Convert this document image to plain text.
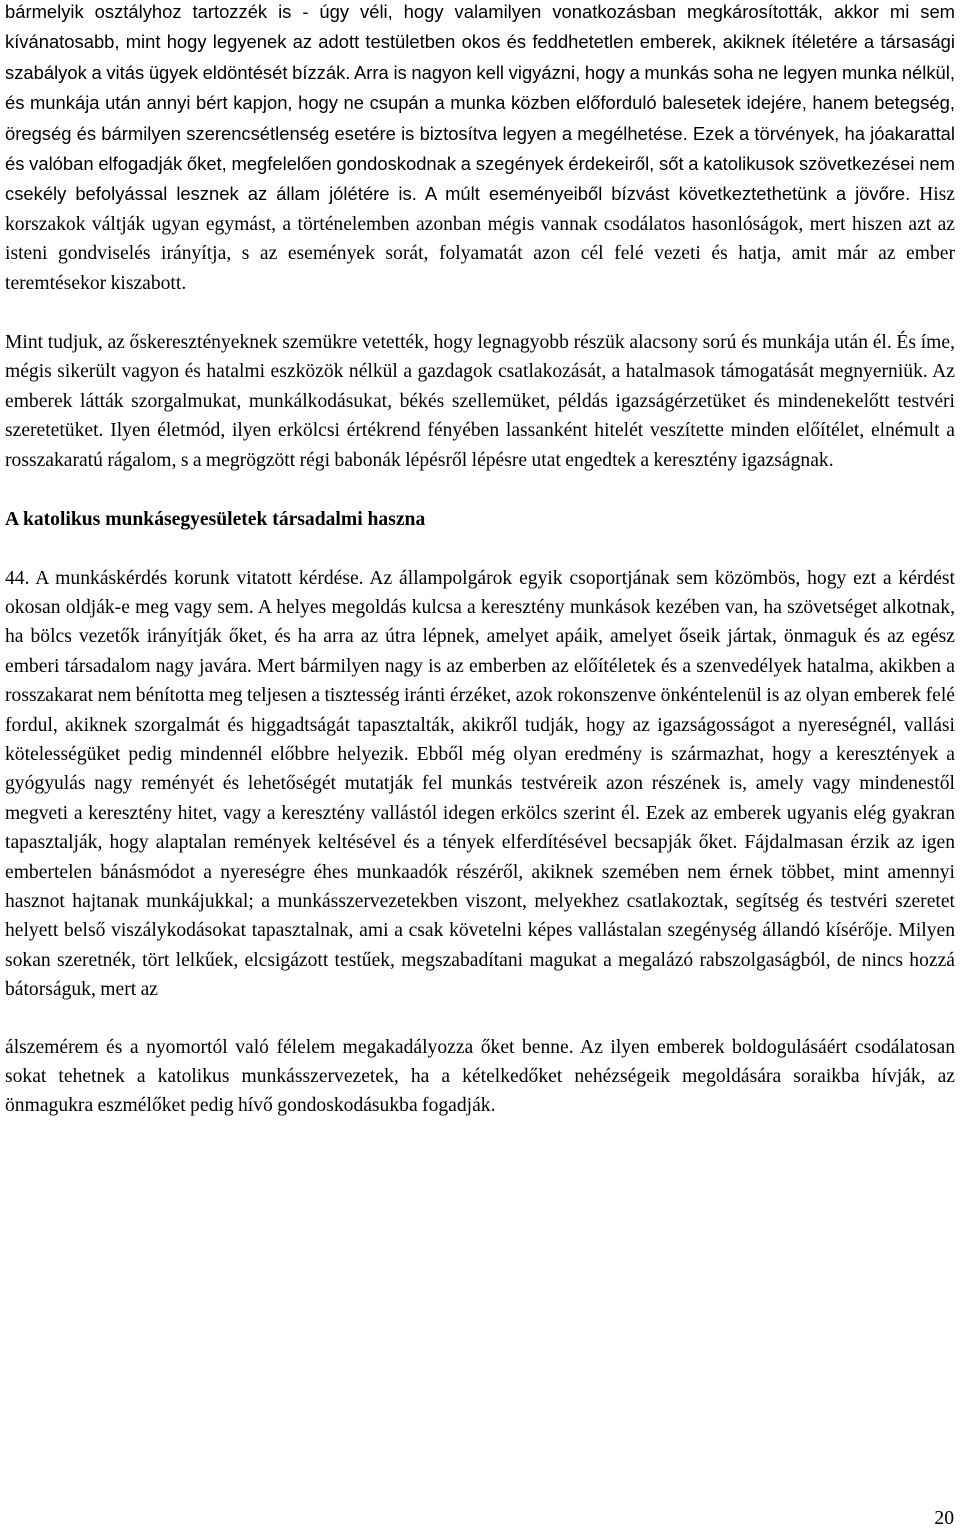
bármelyik osztályhoz tartozzék is - úgy véli, hogy valamilyen vonatkozásban megkárosították, akkor mi sem kívánatosabb, mint hogy legyenek az adott testületben okos és feddhetetlen emberek, akiknek ítéletére a társasági szabályok a vitás ügyek eldöntését bízzák. Arra is nagyon kell vigyázni, hogy a munkás soha ne legyen munka nélkül, és munkája után annyi bért kapjon, hogy ne csupán a munka közben előforduló balesetek idejére, hanem betegség, öregség és bármilyen szerencsétlenség esetére is biztosítva legyen a megélhetése. Ezek a törvények, ha jóakarattal és valóban elfogadják őket, megfelelően gondoskodnak a szegények érdekeiről, sőt a katolikusok szövetkezései nem csekély befolyással lesznek az állam jólétére is. A múlt eseményeiből bízvást következtethetünk a jövőre. Hisz korszakok váltják ugyan egymást, a történelemben azonban mégis vannak csodálatos hasonlóságok, mert hiszen azt az isteni gondviselés irányítja, s az események sorát, folyamatát azon cél felé vezeti és hatja, amit már az ember teremtésekor kiszabott.

Mint tudjuk, az őskeresztényeknek szemükre vetették, hogy legnagyobb részük alacsony sorú és munkája után él. És íme, mégis sikerült vagyon és hatalmi eszközök nélkül a gazdagok csatlakozását, a hatalmasok támogatását megnyerniük. Az emberek látták szorgalmukat, munkálkodásukat, békés szellemüket, példás igazságérzetüket és mindenekelőtt testvéri szeretetüket. Ilyen életmód, ilyen erkölcsi értékrend fényében lassanként hitelét veszítette minden előítélet, elnémult a rosszakaratú rágalom, s a megrögzött régi babonák lépésről lépésre utat engedtek a keresztény igazságnak.

A katolikus munkásegyesületek társadalmi haszna

44. A munkáskérdés korunk vitatott kérdése. Az állampolgárok egyik csoportjának sem közömbös, hogy ezt a kérdést okosan oldják-e meg vagy sem. A helyes megoldás kulcsa a keresztény munkások kezében van, ha szövetséget alkotnak, ha bölcs vezetők irányítják őket, és ha arra az útra lépnek, amelyet apáik, amelyet őseik jártak, önmaguk és az egész emberi társadalom nagy javára. Mert bármilyen nagy is az emberben az előítéletek és a szenvedélyek hatalma, akikben a rosszakarat nem bénította meg teljesen a tisztesség iránti érzéket, azok rokonszenve önkéntelenül is az olyan emberek felé fordul, akiknek szorgalmát és higgadtságát tapasztalták, akikről tudják, hogy az igazságosságot a nyereségnél, vallási kötelességüket pedig mindennél előbbre helyezik. Ebből még olyan eredmény is származhat, hogy a keresztények a gyógyulás nagy reményét és lehetőségét mutatják fel munkás testvéreik azon részének is, amely vagy mindenestől megveti a keresztény hitet, vagy a keresztény vallástól idegen erkölcs szerint él. Ezek az emberek ugyanis elég gyakran tapasztalják, hogy alaptalan remények keltésével és a tények elferdítésével becsapják őket. Fájdalmasan érzik az igen embertelen bánásmódot a nyereségre éhes munkaadók részéről, akiknek szemében nem érnek többet, mint amennyi hasznot hajtanak munkájukkal; a munkásszervezetekben viszont, melyekhez csatlakoztak, segítség és testvéri szeretet helyett belső viszálykodásokat tapasztalnak, ami a csak követelni képes vallástalan szegénység állandó kísérője. Milyen sokan szeretnék, tört lelkűek, elcsigázott testűek, megszabadítani magukat a megalázó rabszolgaságból, de nincs hozzá bátorságuk, mert az

álszemérem és a nyomortól való félelem megakadályozza őket benne. Az ilyen emberek boldogulásáért csodálatosan sokat tehetnek a katolikus munkásszervezetek, ha a kételkedőket nehézségeik megoldására soraikba hívják, az önmagukra eszmélőket pedig hívő gondoskodásukba fogadják.

20
